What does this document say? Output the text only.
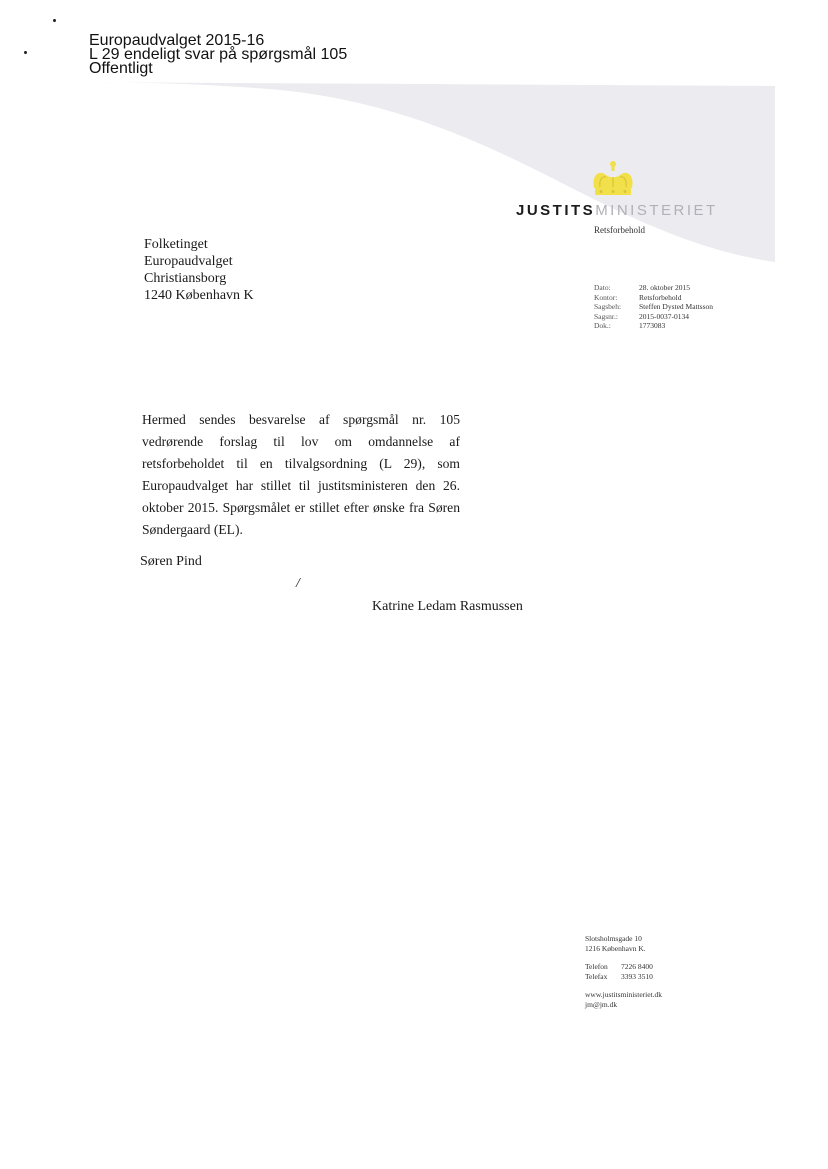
Europaudvalget 2015-16
L 29 endeligt svar på spørgsmål 105
Offentligt
JUSTITSMINISTERIET
Retsforbehold
Folketinget
Europaudvalget
Christiansborg
1240 København K
Dato:	28. oktober 2015
Kontor:	Retsforbehold
Sagsbeh:	Steffen Dysted Mattsson
Sagsnr.:	2015-0037-0134
Dok.:	1773083
Hermed sendes besvarelse af spørgsmål nr. 105 vedrørende forslag til lov om omdannelse af retsforbeholdet til en tilvalgsordning (L 29), som Europaudvalget har stillet til justitsministeren den 26. oktober 2015. Spørgsmålet er stillet efter ønske fra Søren Søndergaard (EL).
Søren Pind
/
Katrine Ledam Rasmussen
Slotsholmsgade 10
1216 København K.
Telefon 7226 8400
Telefax 3393 3510
www.justitsministeriet.dk
jm@jm.dk
